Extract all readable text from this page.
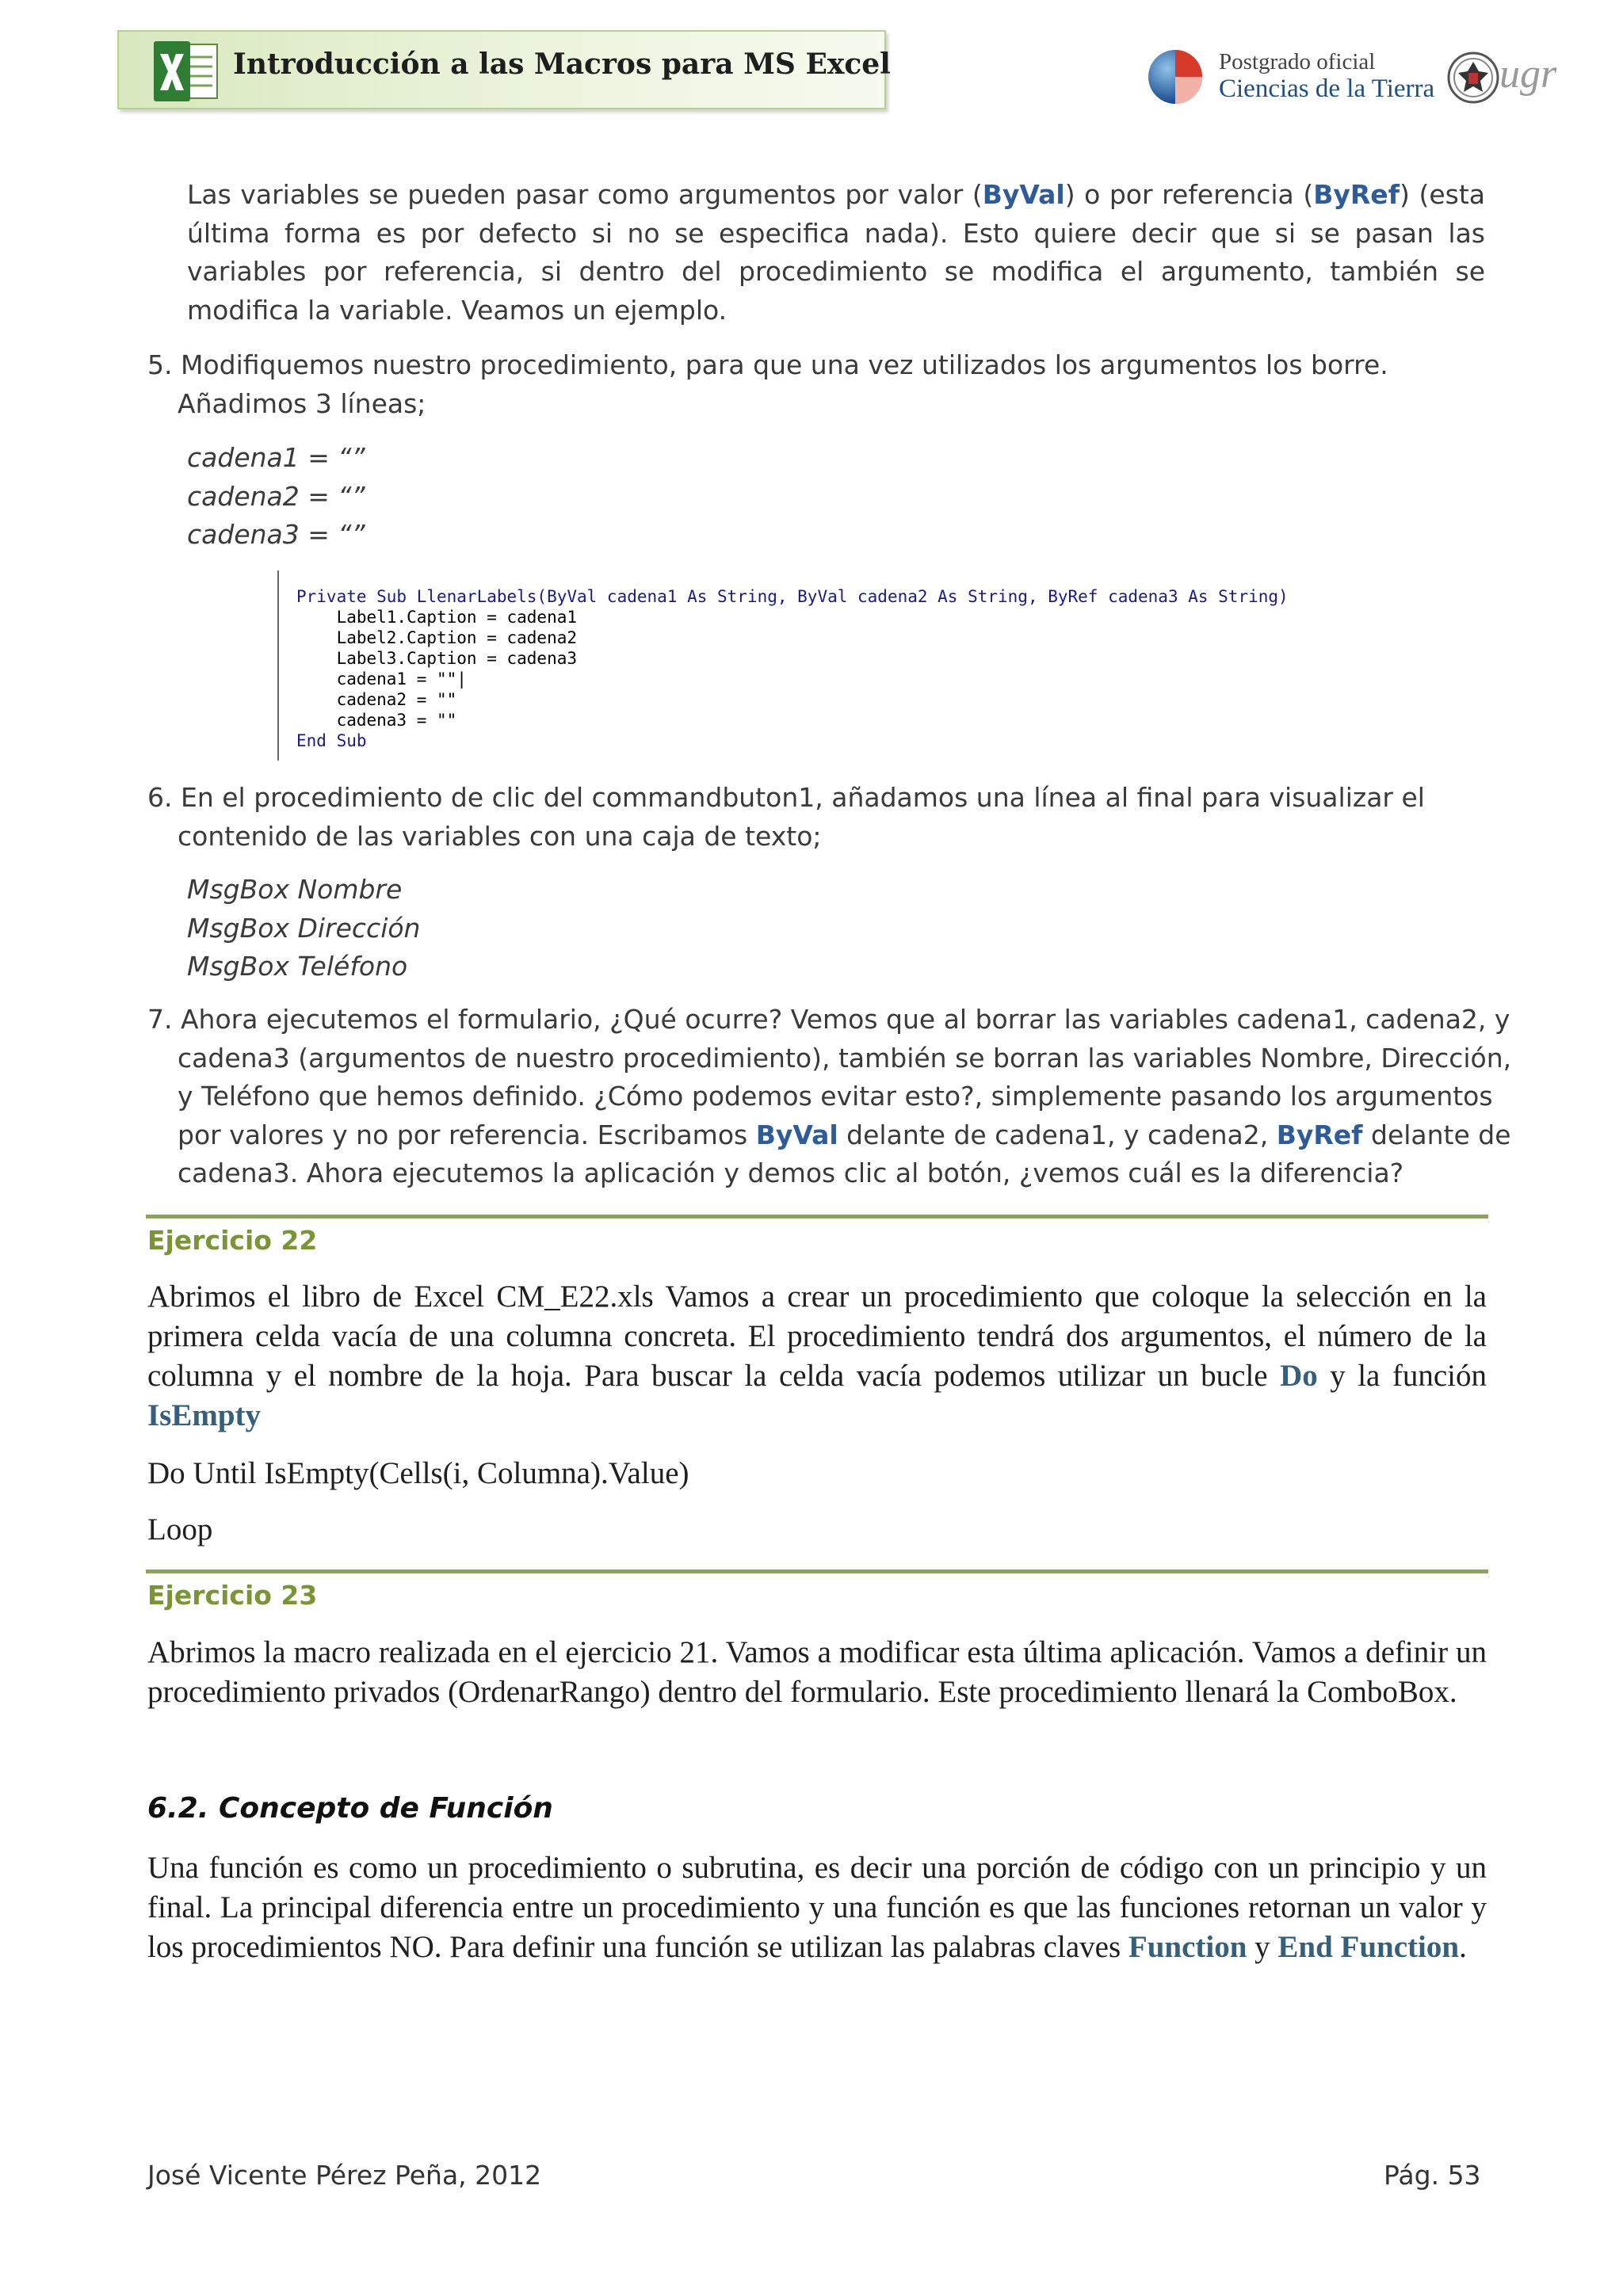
Introducción a las Macros para MS Excel	Postgrado oficial
Ciencias de la Tierra ugr
Las variables se pueden pasar como argumentos por valor (ByVal) o por referencia (ByRef) (esta última forma es por defecto si no se especifica nada). Esto quiere decir que si se pasan las variables por referencia, si dentro del procedimiento se modifica el argumento, también se modifica la variable. Veamos un ejemplo.
5. Modifiquemos nuestro procedimiento, para que una vez utilizados los argumentos los borre. Añadimos 3 líneas;
cadena1 = “”
cadena2 = “”
cadena3 = “”
Private Sub LlenarLabels(ByVal cadena1 As String, ByVal cadena2 As String, ByRef cadena3 As String)
Label1.Caption = cadena1
Label2.Caption = cadena2
Label3.Caption = cadena3
cadena1 = ""|
cadena2 = ""
cadena3 = ""
End Sub
6. En el procedimiento de clic del commandbuton1, añadamos una línea al final para visualizar el contenido de las variables con una caja de texto;
MsgBox Nombre
MsgBox Dirección
MsgBox Teléfono
7. Ahora ejecutemos el formulario, ¿Qué ocurre? Vemos que al borrar las variables cadena1, cadena2, y cadena3 (argumentos de nuestro procedimiento), también se borran las variables Nombre, Dirección, y Teléfono que hemos definido. ¿Cómo podemos evitar esto?, simplemente pasando los argumentos por valores y no por referencia. Escribamos ByVal delante de cadena1, y cadena2, ByRef delante de cadena3. Ahora ejecutemos la aplicación y demos clic al botón, ¿vemos cuál es la diferencia?
Ejercicio 22
Abrimos el libro de Excel CM_E22.xls Vamos a crear un procedimiento que coloque la selección en la primera celda vacía de una columna concreta. El procedimiento tendrá dos argumentos, el número de la columna y el nombre de la hoja. Para buscar la celda vacía podemos utilizar un bucle Do y la función IsEmpty
Do Until IsEmpty(Cells(i, Columna).Value)
Loop
Ejercicio 23
Abrimos la macro realizada en el ejercicio 21. Vamos a modificar esta última aplicación. Vamos a definir un procedimiento privados (OrdenarRango) dentro del formulario. Este procedimiento llenará la ComboBox.
6.2. Concepto de Función
Una función es como un procedimiento o subrutina, es decir una porción de código con un principio y un final. La principal diferencia entre un procedimiento y una función es que las funciones retornan un valor y los procedimientos NO. Para definir una función se utilizan las palabras claves Function y End Function.
José Vicente Pérez Peña, 2012	Pág. 53
